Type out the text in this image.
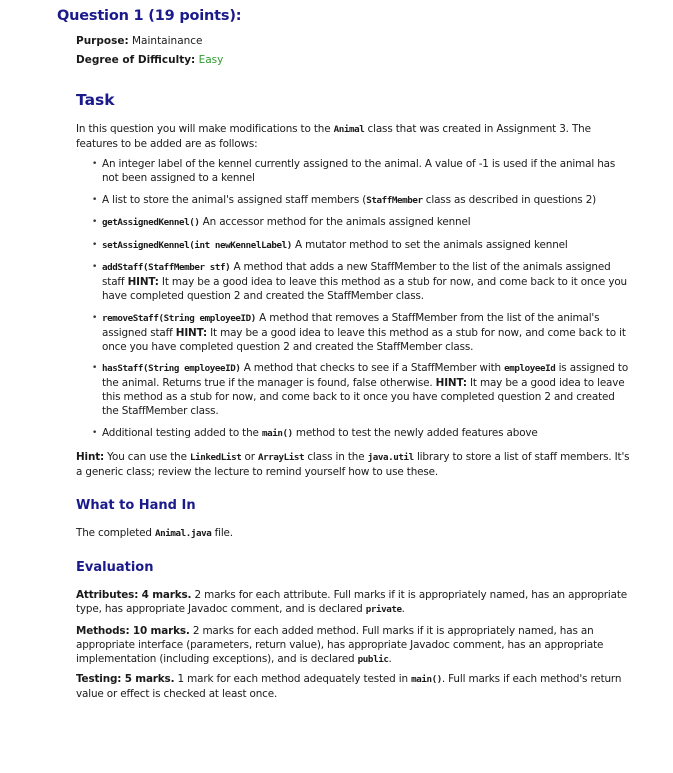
Question 1 (19 points):
Purpose: Maintainance
Degree of Difficulty: Easy
Task
In this question you will make modifications to the Animal class that was created in Assignment 3. The features to be added are as follows:
• An integer label of the kennel currently assigned to the animal. A value of -1 is used if the animal has not been assigned to a kennel
• A list to store the animal's assigned staff members (StaffMember class as described in questions 2)
• getAssignedKennel() An accessor method for the animals assigned kennel
• setAssignedKennel(int newKennelLabel) A mutator method to set the animals assigned kennel
• addStaff(StaffMember stf) A method that adds a new StaffMember to the list of the animals assigned staff HINT: It may be a good idea to leave this method as a stub for now, and come back to it once you have completed question 2 and created the StaffMember class.
• removeStaff(String employeeID) A method that removes a StaffMember from the list of the animal's assigned staff HINT: It may be a good idea to leave this method as a stub for now, and come back to it once you have completed question 2 and created the StaffMember class.
• hasStaff(String employeeID) A method that checks to see if a StaffMember with employeeId is assigned to the animal. Returns true if the manager is found, false otherwise. HINT: It may be a good idea to leave this method as a stub for now, and come back to it once you have completed question 2 and created the StaffMember class.
• Additional testing added to the main() method to test the newly added features above
Hint: You can use the LinkedList or ArrayList class in the java.util library to store a list of staff members. It's a generic class; review the lecture to remind yourself how to use these.
What to Hand In
The completed Animal.java file.
Evaluation
Attributes: 4 marks. 2 marks for each attribute. Full marks if it is appropriately named, has an appropriate type, has appropriate Javadoc comment, and is declared private.
Methods: 10 marks. 2 marks for each added method. Full marks if it is appropriately named, has an appropriate interface (parameters, return value), has appropriate Javadoc comment, has an appropriate implementation (including exceptions), and is declared public.
Testing: 5 marks. 1 mark for each method adequately tested in main(). Full marks if each method's return value or effect is checked at least once.
